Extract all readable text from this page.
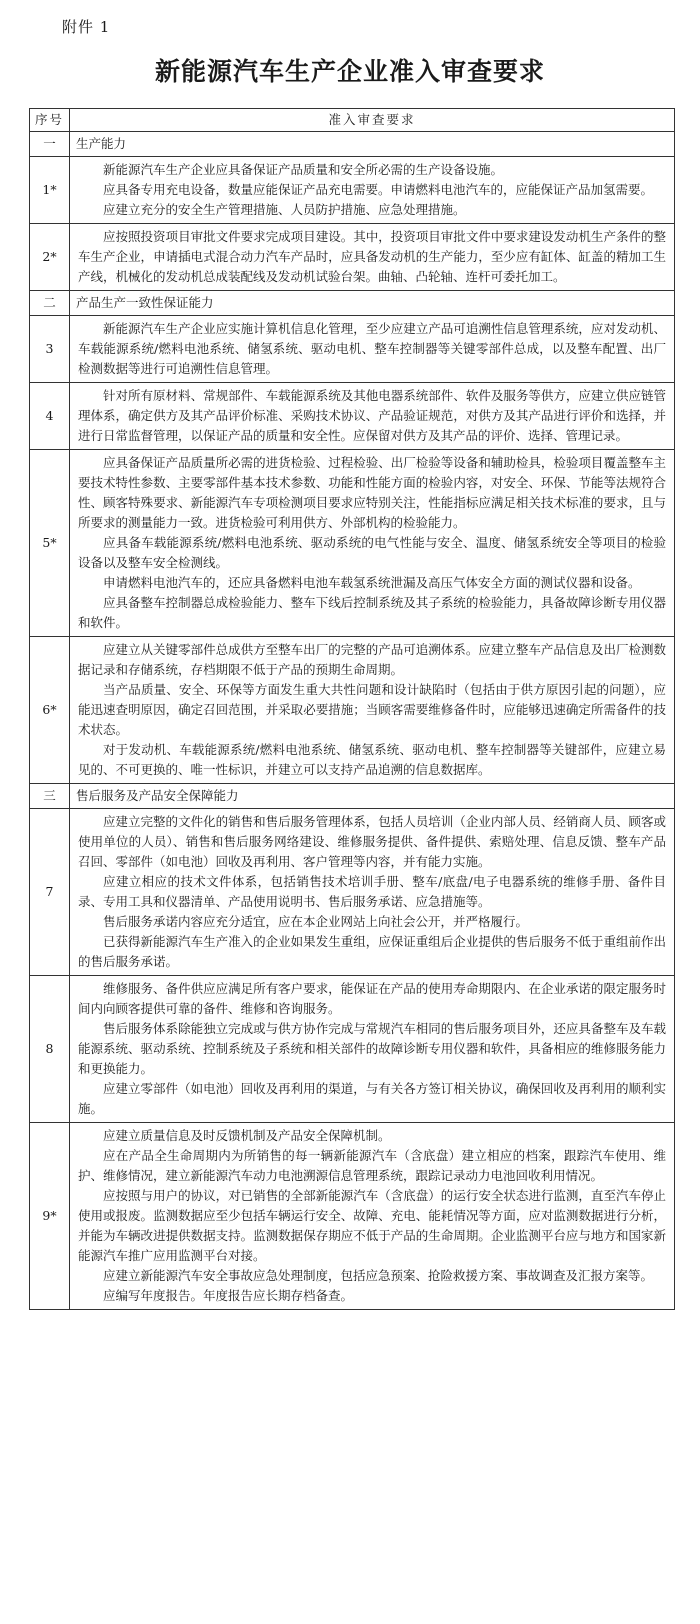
附件 1
新能源汽车生产企业准入审查要求
序号	准入审查要求
一	生产能力
1*	新能源汽车生产企业应具备保证产品质量和安全所必需的生产设备设施。

应具备专用充电设备，数量应能保证产品充电需要。申请燃料电池汽车的，应能保证产品加氢需要。

应建立充分的安全生产管理措施、人员防护措施、应急处理措施。

2*	应按照投资项目审批文件要求完成项目建设。其中，投资项目审批文件中要求建设发动机生产条件的整车生产企业，申请插电式混合动力汽车产品时，应具备发动机的生产能力，至少应有缸体、缸盖的精加工生产线，机械化的发动机总成装配线及发动机试验台架。曲轴、凸轮轴、连杆可委托加工。

二	产品生产一致性保证能力
3	新能源汽车生产企业应实施计算机信息化管理，至少应建立产品可追溯性信息管理系统，应对发动机、车载能源系统/燃料电池系统、储氢系统、驱动电机、整车控制器等关键零部件总成，以及整车配置、出厂检测数据等进行可追溯性信息管理。

4	针对所有原材料、常规部件、车载能源系统及其他电器系统部件、软件及服务等供方，应建立供应链管理体系，确定供方及其产品评价标准、采购技术协议、产品验证规范，对供方及其产品进行评价和选择，并进行日常监督管理，以保证产品的质量和安全性。应保留对供方及其产品的评价、选择、管理记录。

5*	应具备保证产品质量所必需的进货检验、过程检验、出厂检验等设备和辅助检具，检验项目覆盖整车主要技术特性参数、主要零部件基本技术参数、功能和性能方面的检验内容，对安全、环保、节能等法规符合性、顾客特殊要求、新能源汽车专项检测项目要求应特别关注，性能指标应满足相关技术标准的要求，且与所要求的测量能力一致。进货检验可利用供方、外部机构的检验能力。

应具备车载能源系统/燃料电池系统、驱动系统的电气性能与安全、温度、储氢系统安全等项目的检验设备以及整车安全检测线。

申请燃料电池汽车的，还应具备燃料电池车载氢系统泄漏及高压气体安全方面的测试仪器和设备。

应具备整车控制器总成检验能力、整车下线后控制系统及其子系统的检验能力，具备故障诊断专用仪器和软件。

6*	应建立从关键零部件总成供方至整车出厂的完整的产品可追溯体系。应建立整车产品信息及出厂检测数据记录和存储系统，存档期限不低于产品的预期生命周期。

当产品质量、安全、环保等方面发生重大共性问题和设计缺陷时（包括由于供方原因引起的问题），应能迅速查明原因，确定召回范围，并采取必要措施；当顾客需要维修备件时，应能够迅速确定所需备件的技术状态。

对于发动机、车载能源系统/燃料电池系统、储氢系统、驱动电机、整车控制器等关键部件，应建立易见的、不可更换的、唯一性标识，并建立可以支持产品追溯的信息数据库。

三	售后服务及产品安全保障能力
7	应建立完整的文件化的销售和售后服务管理体系，包括人员培训（企业内部人员、经销商人员、顾客或使用单位的人员）、销售和售后服务网络建设、维修服务提供、备件提供、索赔处理、信息反馈、整车产品召回、零部件（如电池）回收及再利用、客户管理等内容，并有能力实施。

应建立相应的技术文件体系，包括销售技术培训手册、整车/底盘/电子电器系统的维修手册、备件目录、专用工具和仪器清单、产品使用说明书、售后服务承诺、应急措施等。

售后服务承诺内容应充分适宜，应在本企业网站上向社会公开，并严格履行。

已获得新能源汽车生产准入的企业如果发生重组，应保证重组后企业提供的售后服务不低于重组前作出的售后服务承诺。

8	维修服务、备件供应应满足所有客户要求，能保证在产品的使用寿命期限内、在企业承诺的限定服务时间内向顾客提供可靠的备件、维修和咨询服务。

售后服务体系除能独立完成或与供方协作完成与常规汽车相同的售后服务项目外，还应具备整车及车载能源系统、驱动系统、控制系统及子系统和相关部件的故障诊断专用仪器和软件，具备相应的维修服务能力和更换能力。

应建立零部件（如电池）回收及再利用的渠道，与有关各方签订相关协议，确保回收及再利用的顺利实施。

9*	应建立质量信息及时反馈机制及产品安全保障机制。

应在产品全生命周期内为所销售的每一辆新能源汽车（含底盘）建立相应的档案，跟踪汽车使用、维护、维修情况，建立新能源汽车动力电池溯源信息管理系统，跟踪记录动力电池回收利用情况。

应按照与用户的协议，对已销售的全部新能源汽车（含底盘）的运行安全状态进行监测，直至汽车停止使用或报废。监测数据应至少包括车辆运行安全、故障、充电、能耗情况等方面，应对监测数据进行分析，并能为车辆改进提供数据支持。监测数据保存期应不低于产品的生命周期。企业监测平台应与地方和国家新能源汽车推广应用监测平台对接。

应建立新能源汽车安全事故应急处理制度，包括应急预案、抢险救援方案、事故调查及汇报方案等。

应编写年度报告。年度报告应长期存档备查。
